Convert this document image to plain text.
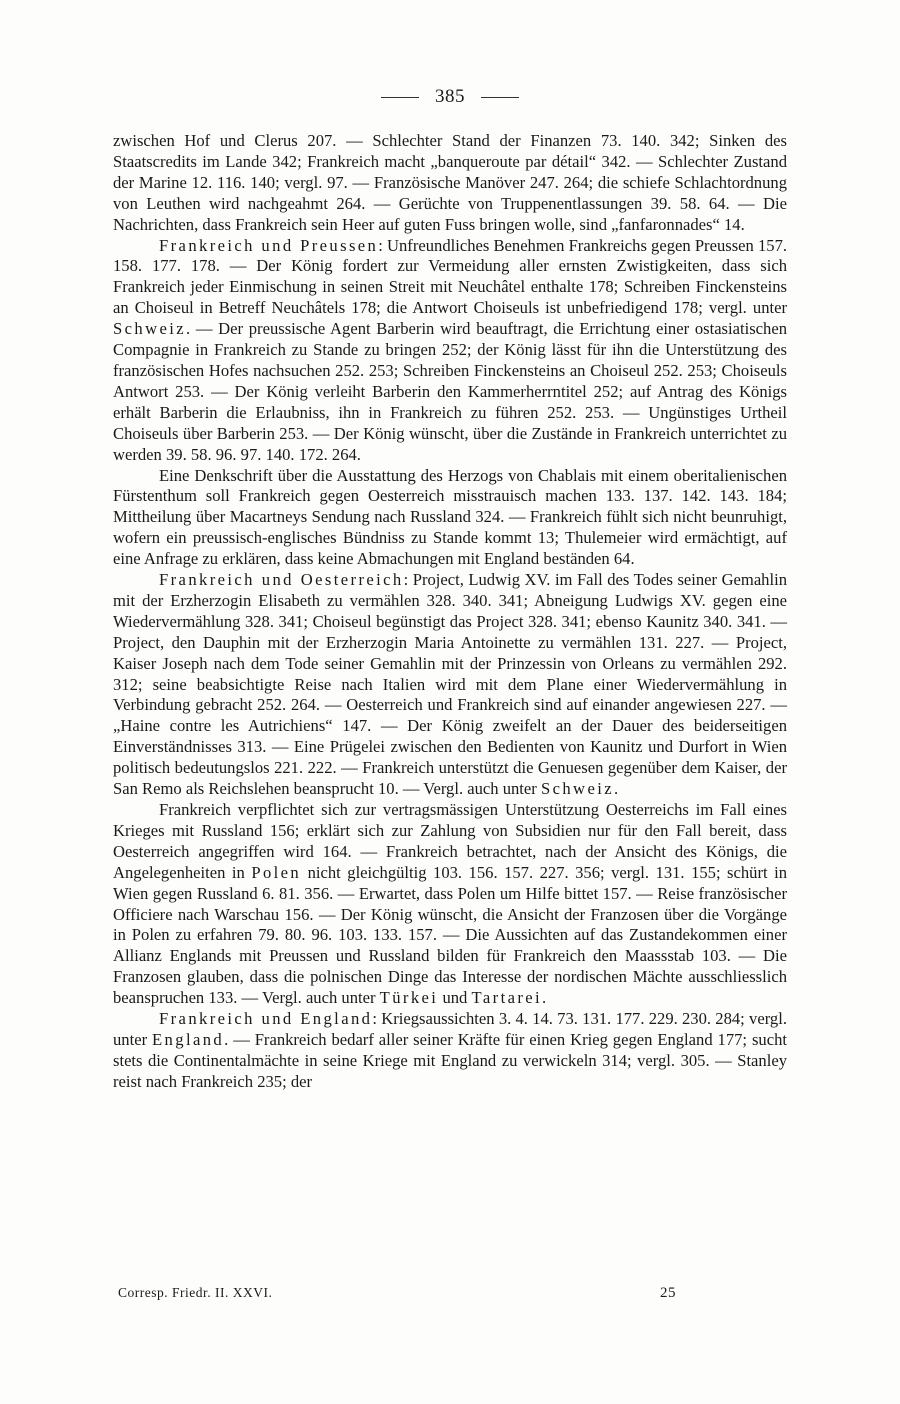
385

zwischen Hof und Clerus 207. — Schlechter Stand der Finanzen 73. 140. 342; Sinken des Staatscredits im Lande 342; Frankreich macht „banqueroute par détail“ 342. — Schlechter Zustand der Marine 12. 116. 140; vergl. 97. — Französische Manöver 247. 264; die schiefe Schlachtordnung von Leuthen wird nachgeahmt 264. — Gerüchte von Truppenentlassungen 39. 58. 64. — Die Nachrichten, dass Frankreich sein Heer auf guten Fuss bringen wolle, sind „fanfaronnades“ 14.

Frankreich und Preussen: Unfreundliches Benehmen Frankreichs gegen Preussen 157. 158. 177. 178. — Der König fordert zur Vermeidung aller ernsten Zwistigkeiten, dass sich Frankreich jeder Einmischung in seinen Streit mit Neuchâtel enthalte 178; Schreiben Finckensteins an Choiseul in Betreff Neuchâtels 178; die Antwort Choiseuls ist unbefriedigend 178; vergl. unter Schweiz. — Der preussische Agent Barberin wird beauftragt, die Errichtung einer ostasiatischen Compagnie in Frankreich zu Stande zu bringen 252; der König lässt für ihn die Unterstützung des französischen Hofes nachsuchen 252. 253; Schreiben Finckensteins an Choiseul 252. 253; Choiseuls Antwort 253. — Der König verleiht Barberin den Kammerherrntitel 252; auf Antrag des Königs erhält Barberin die Erlaubniss, ihn in Frankreich zu führen 252. 253. — Ungünstiges Urtheil Choiseuls über Barberin 253. — Der König wünscht, über die Zustände in Frankreich unterrichtet zu werden 39. 58. 96. 97. 140. 172. 264.

Eine Denkschrift über die Ausstattung des Herzogs von Chablais mit einem oberitalienischen Fürstenthum soll Frankreich gegen Oesterreich misstrauisch machen 133. 137. 142. 143. 184; Mittheilung über Macartneys Sendung nach Russland 324. — Frankreich fühlt sich nicht beunruhigt, wofern ein preussisch-englisches Bündniss zu Stande kommt 13; Thulemeier wird ermächtigt, auf eine Anfrage zu erklären, dass keine Abmachungen mit England beständen 64.

Frankreich und Oesterreich: Project, Ludwig XV. im Fall des Todes seiner Gemahlin mit der Erzherzogin Elisabeth zu vermählen 328. 340. 341; Abneigung Ludwigs XV. gegen eine Wiedervermählung 328. 341; Choiseul begünstigt das Project 328. 341; ebenso Kaunitz 340. 341. — Project, den Dauphin mit der Erzherzogin Maria Antoinette zu vermählen 131. 227. — Project, Kaiser Joseph nach dem Tode seiner Gemahlin mit der Prinzessin von Orleans zu vermählen 292. 312; seine beabsichtigte Reise nach Italien wird mit dem Plane einer Wiedervermählung in Verbindung gebracht 252. 264. — Oesterreich und Frankreich sind auf einander angewiesen 227. — „Haine contre les Autrichiens“ 147. — Der König zweifelt an der Dauer des beiderseitigen Einverständnisses 313. — Eine Prügelei zwischen den Bedienten von Kaunitz und Durfort in Wien politisch bedeutungslos 221. 222. — Frankreich unterstützt die Genuesen gegenüber dem Kaiser, der San Remo als Reichslehen beansprucht 10. — Vergl. auch unter Schweiz.

Frankreich verpflichtet sich zur vertragsmässigen Unterstützung Oesterreichs im Fall eines Krieges mit Russland 156; erklärt sich zur Zahlung von Subsidien nur für den Fall bereit, dass Oesterreich angegriffen wird 164. — Frankreich betrachtet, nach der Ansicht des Königs, die Angelegenheiten in Polen nicht gleichgültig 103. 156. 157. 227. 356; vergl. 131. 155; schürt in Wien gegen Russland 6. 81. 356. — Erwartet, dass Polen um Hilfe bittet 157. — Reise französischer Officiere nach Warschau 156. — Der König wünscht, die Ansicht der Franzosen über die Vorgänge in Polen zu erfahren 79. 80. 96. 103. 133. 157. — Die Aussichten auf das Zustandekommen einer Allianz Englands mit Preussen und Russland bilden für Frankreich den Maassstab 103. — Die Franzosen glauben, dass die polnischen Dinge das Interesse der nordischen Mächte ausschliesslich beanspruchen 133. — Vergl. auch unter Türkei und Tartarei.

Frankreich und England: Kriegsaussichten 3. 4. 14. 73. 131. 177. 229. 230. 284; vergl. unter England. — Frankreich bedarf aller seiner Kräfte für einen Krieg gegen England 177; sucht stets die Continentalmächte in seine Kriege mit England zu verwickeln 314; vergl. 305. — Stanley reist nach Frankreich 235; der

Corresp. Friedr. II. XXVI.	25
